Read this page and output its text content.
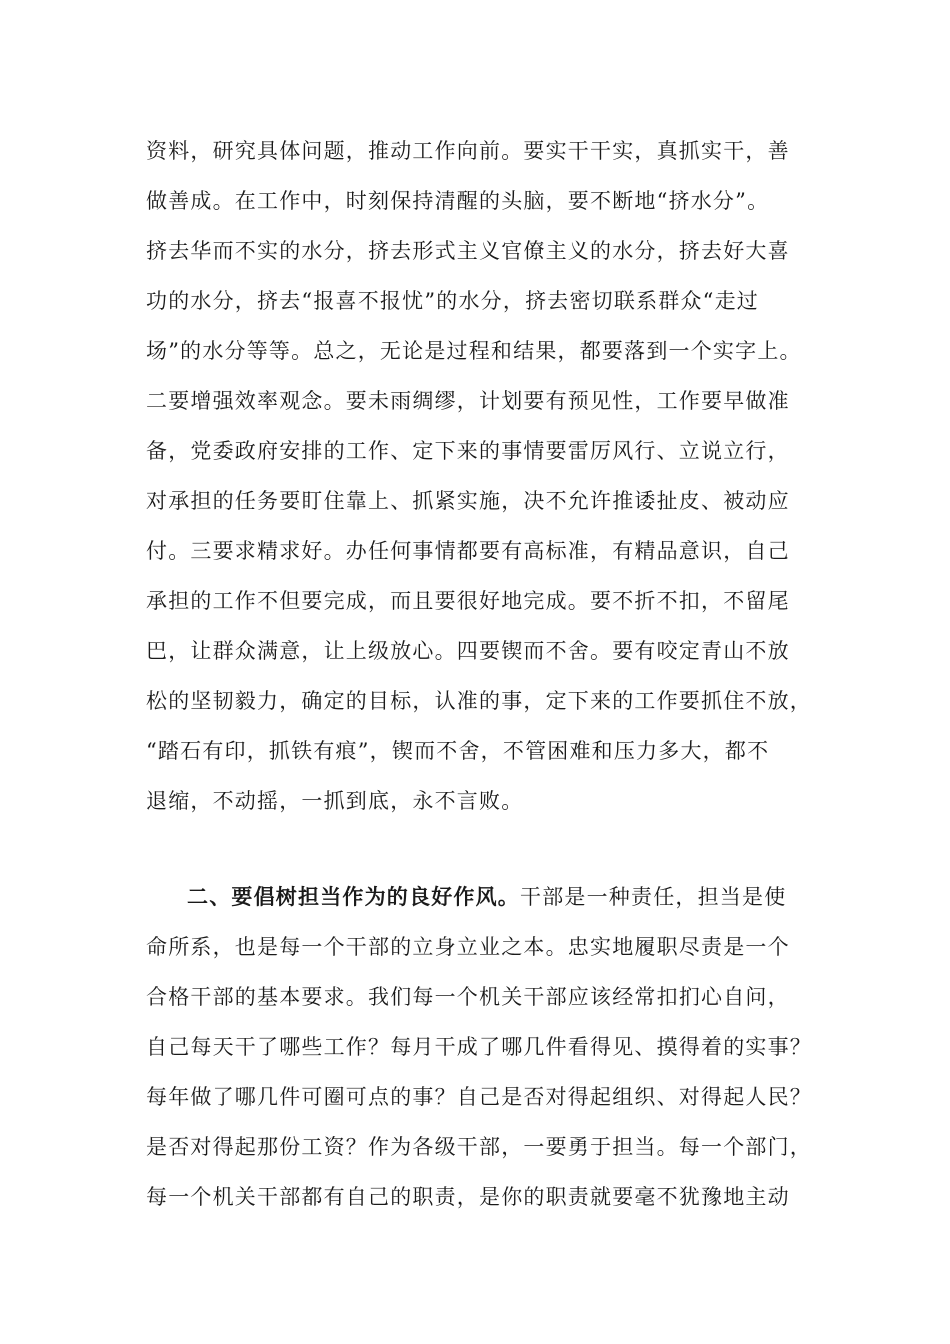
资料，研究具体问题，推动工作向前。要实干干实，真抓实干，善
做善成。在工作中，时刻保持清醒的头脑，要不断地“挤水分”。
挤去华而不实的水分，挤去形式主义官僚主义的水分，挤去好大喜
功的水分，挤去“报喜不报忧”的水分，挤去密切联系群众“走过
场”的水分等等。总之，无论是过程和结果，都要落到一个实字上。
二要增强效率观念。要未雨绸缪，计划要有预见性，工作要早做准
备，党委政府安排的工作、定下来的事情要雷厉风行、立说立行，
对承担的任务要盯住靠上、抓紧实施，决不允许推诿扯皮、被动应
付。三要求精求好。办任何事情都要有高标准，有精品意识，自己
承担的工作不但要完成，而且要很好地完成。要不折不扣，不留尾
巴，让群众满意，让上级放心。四要锲而不舍。要有咬定青山不放
松的坚韧毅力，确定的目标，认准的事，定下来的工作要抓住不放，
“踏石有印，抓铁有痕”，锲而不舍，不管困难和压力多大，都不
退缩，不动摇，一抓到底，永不言败。
二、要倡树担当作为的良好作风。干部是一种责任，担当是使
命所系，也是每一个干部的立身立业之本。忠实地履职尽责是一个
合格干部的基本要求。我们每一个机关干部应该经常扣扪心自问，
自己每天干了哪些工作？每月干成了哪几件看得见、摸得着的实事？
每年做了哪几件可圈可点的事？自己是否对得起组织、对得起人民？
是否对得起那份工资？作为各级干部，一要勇于担当。每一个部门，
每一个机关干部都有自己的职责，是你的职责就要毫不犹豫地主动
